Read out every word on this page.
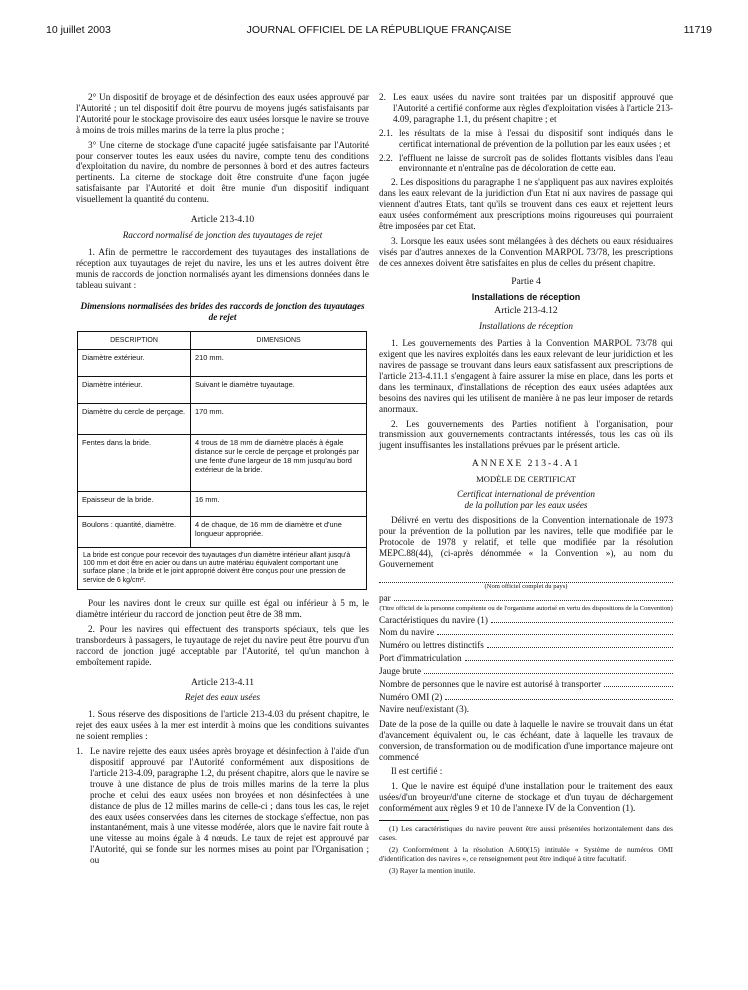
10 juillet 2003	JOURNAL OFFICIEL DE LA RÉPUBLIQUE FRANÇAISE	11719

2° Un dispositif de broyage et de désinfection des eaux usées approuvé par l'Autorité ; un tel dispositif doit être pourvu de moyens jugés satisfaisants par l'Autorité pour le stockage provisoire des eaux usées lorsque le navire se trouve à moins de trois milles marins de la terre la plus proche ;

3° Une citerne de stockage d'une capacité jugée satisfaisante par l'Autorité pour conserver toutes les eaux usées du navire, compte tenu des conditions d'exploitation du navire, du nombre de personnes à bord et des autres facteurs pertinents. La citerne de stockage doit être construite d'une façon jugée satisfaisante par l'Autorité et doit être munie d'un dispositif indiquant visuellement la quantité du contenu.

Article 213-4.10
Raccord normalisé de jonction des tuyautages de rejet

1. Afin de permettre le raccordement des tuyautages des installations de réception aux tuyautages de rejet du navire, les uns et les autres doivent être munis de raccords de jonction normalisés ayant les dimensions données dans le tableau suivant :

Dimensions normalisées des brides des raccords de jonction des tuyautages de rejet
DESCRIPTION	DIMENSIONS
Diamètre extérieur.	210 mm.
Diamètre intérieur.	Suivant le diamètre tuyautage.
Diamètre du cercle de perçage.	170 mm.
Fentes dans la bride.	4 trous de 18 mm de diamètre placés à égale distance sur le cercle de perçage et prolongés par une fente d'une largeur de 18 mm jusqu'au bord extérieur de la bride.
Epaisseur de la bride.	16 mm.
Boulons : quantité, diamètre.	4 de chaque, de 16 mm de diamètre et d'une longueur appropriée.
La bride est conçue pour recevoir des tuyautages d'un diamètre intérieur allant jusqu'à 100 mm et doit être en acier ou dans un autre matériau équivalent comportant une surface plane ; la bride et le joint approprié doivent être conçus pour une pression de service de 6 kg/cm².	

Pour les navires dont le creux sur quille est égal ou inférieur à 5 m, le diamètre intérieur du raccord de jonction peut être de 38 mm.

2. Pour les navires qui effectuent des transports spéciaux, tels que les transbordeurs à passagers, le tuyautage de rejet du navire peut être pourvu d'un raccord de jonction jugé acceptable par l'Autorité, tel qu'un manchon à emboîtement rapide.

Article 213-4.11
Rejet des eaux usées

1. Sous réserve des dispositions de l'article 213-4.03 du présent chapitre, le rejet des eaux usées à la mer est interdit à moins que les conditions suivantes ne soient remplies :

1. Le navire rejette des eaux usées après broyage et désinfection à l'aide d'un dispositif approuvé par l'Autorité conformément aux dispositions de l'article 213-4.09, paragraphe 1.2, du présent chapitre, alors que le navire se trouve à une distance de plus de trois milles marins de la terre la plus proche et celui des eaux usées non broyées et non désinfectées à une distance de plus de 12 milles marins de celle-ci ; dans tous les cas, le rejet des eaux usées conservées dans les citernes de stockage s'effectue, non pas instantanément, mais à une vitesse modérée, alors que le navire fait route à une vitesse au moins égale à 4 nœuds. Le taux de rejet est approuvé par l'Autorité, qui se fonde sur les normes mises au point par l'Organisation ; ou
2. Les eaux usées du navire sont traitées par un dispositif approuvé que l'Autorité a certifié conforme aux règles d'exploitation visées à l'article 213-4.09, paragraphe 1.1, du présent chapitre ; et
2.1. les résultats de la mise à l'essai du dispositif sont indiqués dans le certificat international de prévention de la pollution par les eaux usées ; et
2.2. l'effluent ne laisse de surcroît pas de solides flottants visibles dans l'eau environnante et n'entraîne pas de décoloration de cette eau.

2. Les dispositions du paragraphe 1 ne s'appliquent pas aux navires exploités dans les eaux relevant de la juridiction d'un Etat ni aux navires de passage qui viennent d'autres Etats, tant qu'ils se trouvent dans ces eaux et rejettent leurs eaux usées conformément aux prescriptions moins rigoureuses qui pourraient être imposées par cet Etat.

3. Lorsque les eaux usées sont mélangées à des déchets ou eaux résiduaires visés par d'autres annexes de la Convention MARPOL 73/78, les prescriptions de ces annexes doivent être satisfaites en plus de celles du présent chapitre.

Partie 4
Installations de réception
Article 213-4.12
Installations de réception

1. Les gouvernements des Parties à la Convention MARPOL 73/78 qui exigent que les navires exploités dans les eaux relevant de leur juridiction et les navires de passage se trouvant dans leurs eaux satisfassent aux prescriptions de l'article 213-4.11.1 s'engagent à faire assurer la mise en place, dans les ports et dans les terminaux, d'installations de réception des eaux usées adaptées aux besoins des navires qui les utilisent de manière à ne pas leur imposer de retards anormaux.

2. Les gouvernements des Parties notifient à l'organisation, pour transmission aux gouvernements contractants intéressés, tous les cas où ils jugent insuffisantes les installations prévues par le présent article.

ANNEXE 213-4.A1
MODÈLE DE CERTIFICAT
Certificat international de prévention
de la pollution par les eaux usées

Délivré en vertu des dispositions de la Convention internationale de 1973 pour la prévention de la pollution par les navires, telle que modifiée par le Protocole de 1978 y relatif, et telle que modifiée par la résolution MEPC.88(44), (ci-après dénommée « la Convention »), au nom du Gouvernement

(Nom officiel complet du pays)
par
(Titre officiel de la personne compétente ou de l'organisme autorisé en vertu des dispositions de la Convention)
Caractéristiques du navire (1)
Nom du navire
Numéro ou lettres distinctifs
Port d'immatriculation
Jauge brute
Nombre de personnes que le navire est autorisé à transporter
Numéro OMI (2)

Navire neuf/existant (3).

Date de la pose de la quille ou date à laquelle le navire se trouvait dans un état d'avancement équivalent ou, le cas échéant, date à laquelle les travaux de conversion, de transformation ou de modification d'une importance majeure ont commencé

Il est certifié :

1. Que le navire est équipé d'une installation pour le traitement des eaux usées/d'un broyeur/d'une citerne de stockage et d'un tuyau de déchargement conformément aux règles 9 et 10 de l'annexe IV de la Convention (1).

(1) Les caractéristiques du navire peuvent être aussi présentées horizontalement dans des cases.
(2) Conformément à la résolution A.600(15) intitulée « Système de numéros OMI d'identification des navires », ce renseignement peut être indiqué à titre facultatif.
(3) Rayer la mention inutile.
